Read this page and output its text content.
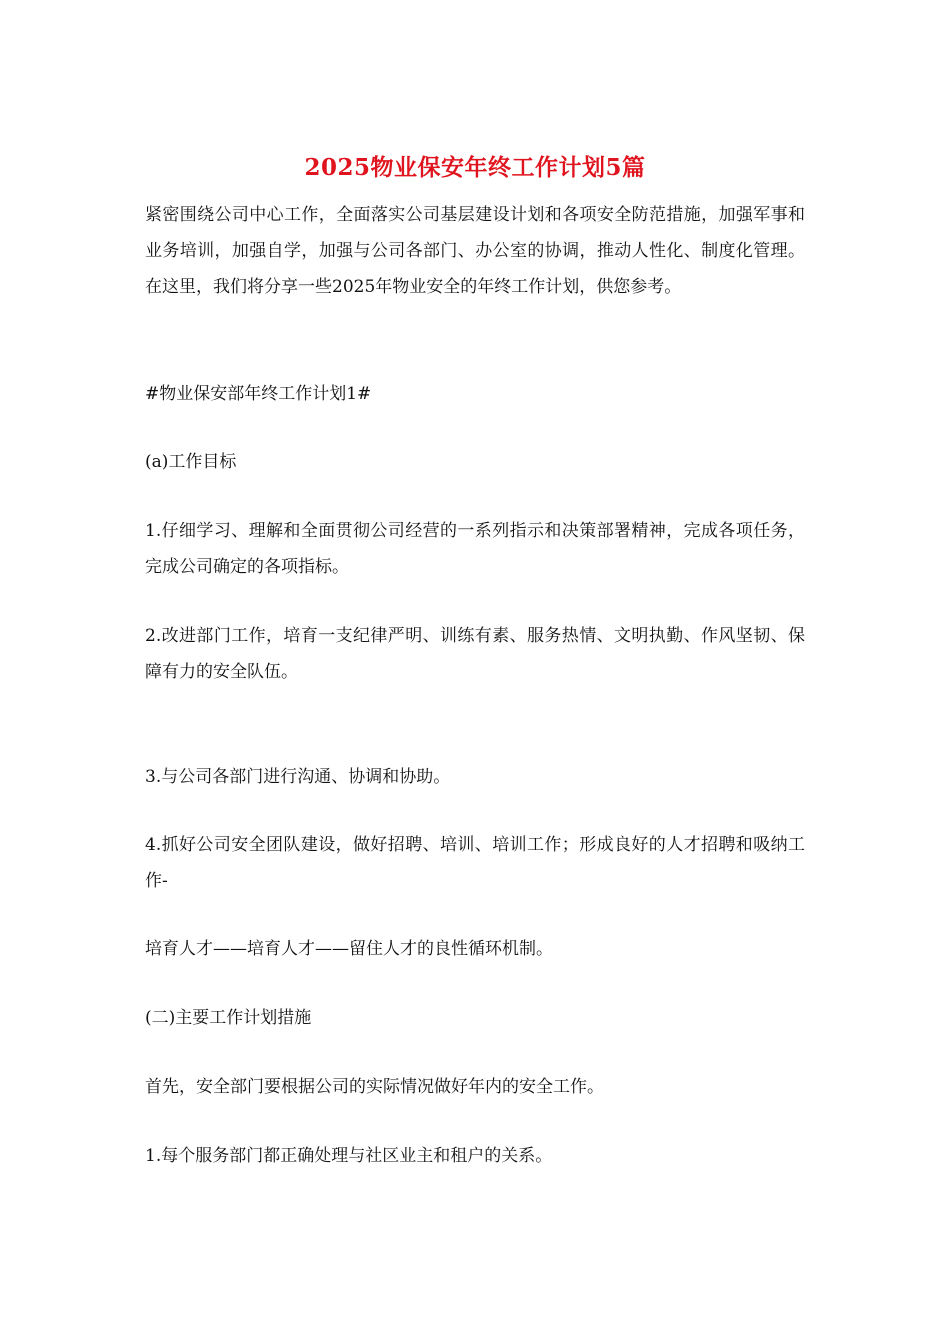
2025物业保安年终工作计划5篇

紧密围绕公司中心工作，全面落实公司基层建设计划和各项安全防范措施，加强军事和业务培训，加强自学，加强与公司各部门、办公室的协调，推动人性化、制度化管理。在这里，我们将分享一些2025年物业安全的年终工作计划，供您参考。

#物业保安部年终工作计划1#

(a)工作目标

1.仔细学习、理解和全面贯彻公司经营的一系列指示和决策部署精神，完成各项任务，完成公司确定的各项指标。

2.改进部门工作，培育一支纪律严明、训练有素、服务热情、文明执勤、作风坚韧、保障有力的安全队伍。

3.与公司各部门进行沟通、协调和协助。

4.抓好公司安全团队建设，做好招聘、培训、培训工作；形成良好的人才招聘和吸纳工作-

培育人才——培育人才——留住人才的良性循环机制。

(二)主要工作计划措施

首先，安全部门要根据公司的实际情况做好年内的安全工作。

1.每个服务部门都正确处理与社区业主和租户的关系。
